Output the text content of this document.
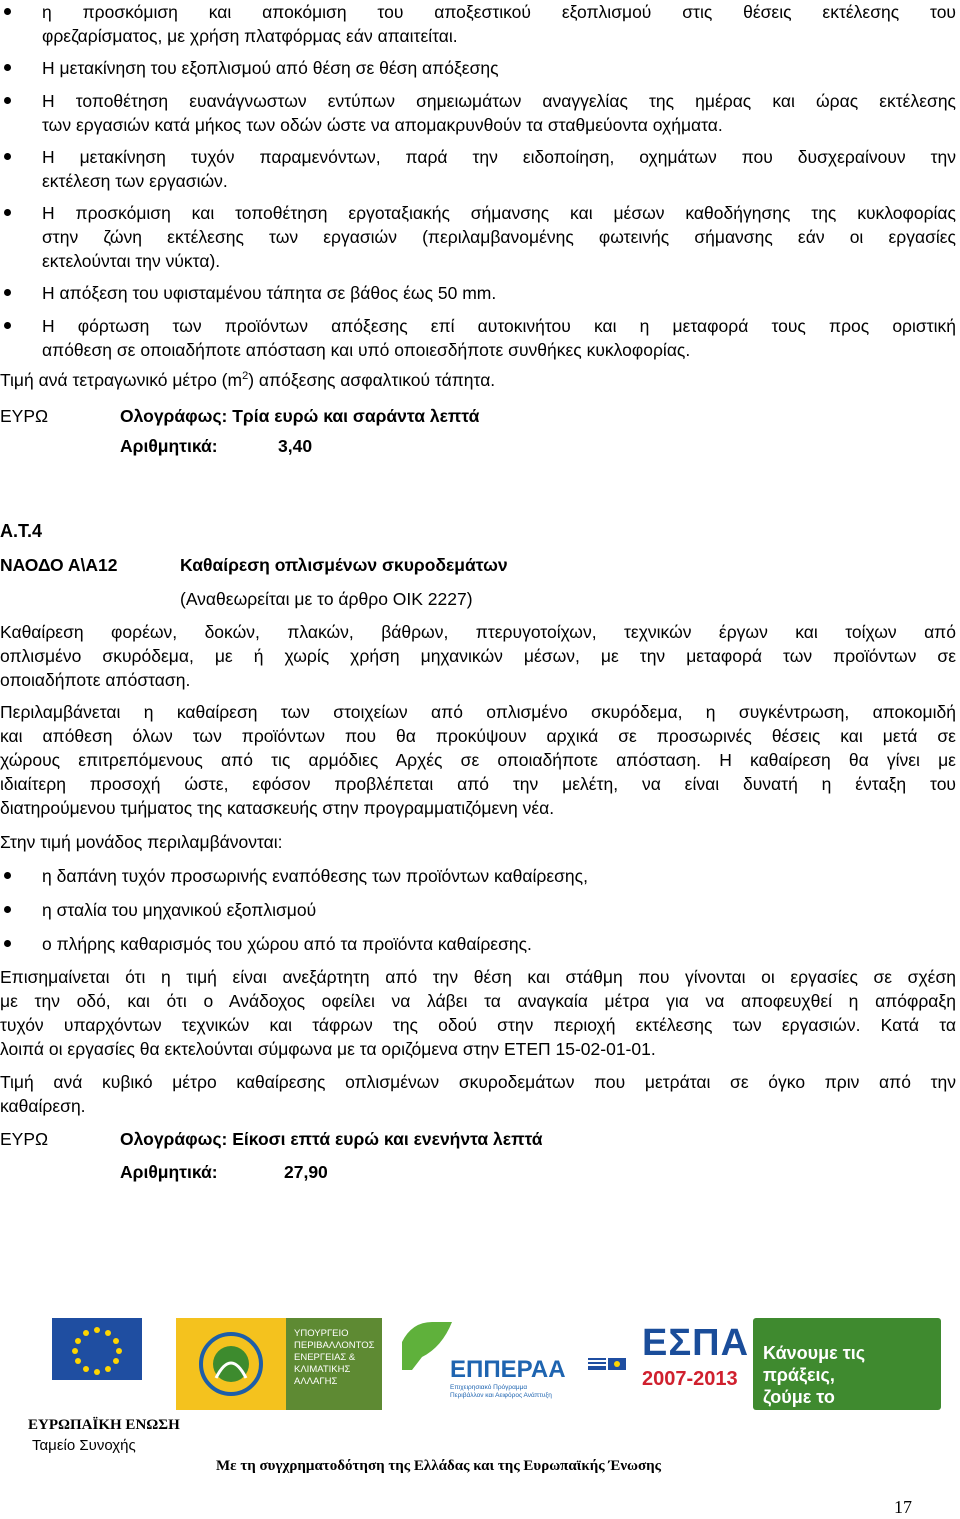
η προσκόμιση και αποκόμιση του αποξεστικού εξοπλισμού στις θέσεις εκτέλεσης του
φρεζαρίσματος, με χρήση πλατφόρμας εάν απαιτείται.
Η μετακίνηση του εξοπλισμού από θέση σε θέση απόξεσης
Η τοποθέτηση ευανάγνωστων εντύπων σημειωμάτων αναγγελίας της ημέρας και ώρας εκτέλεσης
των εργασιών κατά μήκος των οδών ώστε να απομακρυνθούν τα σταθμεύοντα οχήματα.
Η μετακίνηση τυχόν παραμενόντων, παρά την ειδοποίηση, οχημάτων που δυσχεραίνουν την
εκτέλεση των εργασιών.
Η προσκόμιση και τοποθέτηση εργοταξιακής σήμανσης και μέσων καθοδήγησης της κυκλοφορίας
στην ζώνη εκτέλεσης των εργασιών (περιλαμβανομένης φωτεινής σήμανσης εάν οι εργασίες
εκτελούνται την νύκτα).
Η απόξεση του υφισταμένου τάπητα σε βάθος έως 50 mm.
Η φόρτωση των προϊόντων απόξεσης επί αυτοκινήτου και η μεταφορά τους προς οριστική
απόθεση σε οποιαδήποτε απόσταση και υπό οποιεσδήποτε συνθήκες κυκλοφορίας.
Τιμή ανά τετραγωνικό μέτρο $(m^2)$ απόξεσης ασφαλτικού τάπητα.
ΕΥΡΩ	Ολογράφως: Τρία ευρώ και σαράντα λεπτά
Αριθμητικά:	3,40
Α.Τ.4
ΝΑΟΔΟ Α\Α12	Καθαίρεση οπλισμένων σκυροδεμάτων
(Αναθεωρείται με το άρθρο ΟΙΚ 2227)
Καθαίρεση φορέων, δοκών, πλακών, βάθρων, πτερυγοτοίχων, τεχνικών έργων και τοίχων από
οπλισμένο σκυρόδεμα, με ή χωρίς χρήση μηχανικών μέσων, με την μεταφορά των προϊόντων σε
οποιαδήποτε απόσταση.
Περιλαμβάνεται η καθαίρεση των στοιχείων από οπλισμένο σκυρόδεμα, η συγκέντρωση, αποκομιδή
και απόθεση όλων των προϊόντων που θα προκύψουν αρχικά σε προσωρινές θέσεις και μετά σε
χώρους επιτρεπόμενους από τις αρμόδιες Αρχές σε οποιαδήποτε απόσταση. Η καθαίρεση θα γίνει με
ιδιαίτερη προσοχή ώστε, εφόσον προβλέπεται από την μελέτη, να είναι δυνατή η ένταξη του
διατηρούμενου τμήματος της κατασκευής στην προγραμματιζόμενη νέα.
Στην τιμή μονάδος περιλαμβάνονται:
η δαπάνη τυχόν προσωρινής εναπόθεσης των προϊόντων καθαίρεσης,
η σταλία του μηχανικού εξοπλισμού
ο πλήρης καθαρισμός του χώρου από τα προϊόντα καθαίρεσης.
Επισημαίνεται ότι η τιμή είναι ανεξάρτητη από την θέση και στάθμη που γίνονται οι εργασίες σε σχέση
με την οδό, και ότι ο Ανάδοχος οφείλει να λάβει τα αναγκαία μέτρα για να αποφευχθεί η απόφραξη
τυχόν υπαρχόντων τεχνικών και τάφρων της οδού στην περιοχή εκτέλεσης των εργασιών. Κατά τα
λοιπά οι εργασίες θα εκτελούνται σύμφωνα με τα οριζόμενα στην ΕΤΕΠ 15-02-01-01.
Τιμή ανά κυβικό μέτρο καθαίρεσης οπλισμένων σκυροδεμάτων που μετράται σε όγκο πριν από την
καθαίρεση.
ΕΥΡΩ	Ολογράφως: Είκοσι επτά ευρώ και ενενήντα λεπτά
Αριθμητικά:	27,90
ΕΥΡΩΠΑΪΚΗ ΕΝΩΣΗ
Ταμείο Συνοχής
ΥΠΟΥΡΓΕΙΟ
ΠΕΡΙΒΑΛΛΟΝΤΟΣ
ΕΝΕΡΓΕΙΑΣ &
ΚΛΙΜΑΤΙΚΗΣ
ΑΛΛΑΓΗΣ	ΕΠΠΕΡΑΑ
Επιχειρησιακό Πρόγραμμα Περιβάλλον και Αειφόρος Ανάπτυξη
ΕΣΠΑ
2007-2013
Κάνουμε τις πράξεις,
ζούμε το αποτέλεσμα
Με τη συγχρηματοδότηση της Ελλάδας και της Ευρωπαϊκής Ένωσης
17
